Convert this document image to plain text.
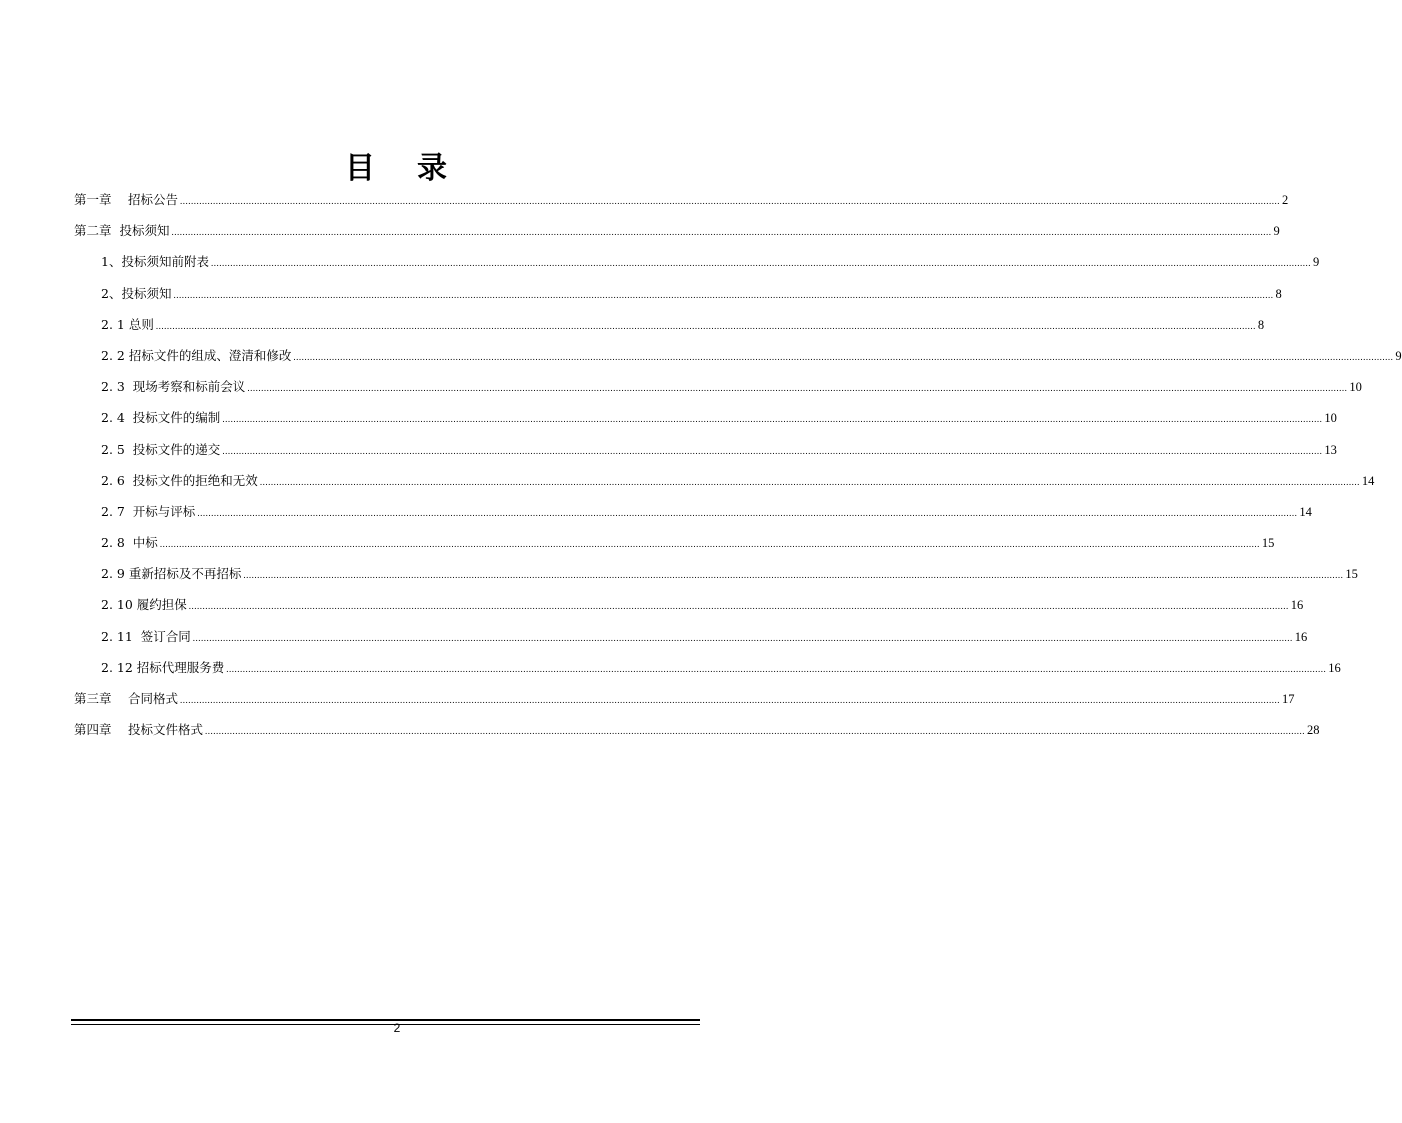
目 录
第一章　 招标公告 ................................................................................................................................................................................................................................................................................................................................................................................................................ 2
第二章  投标须知 ................................................................................................................................................................................................................................................................................................................................................................................................................ 9
1、投标须知前附表 ................................................................................................................................................................................................................................................................................................................................................................................................................ 9
2、投标须知 ................................................................................................................................................................................................................................................................................................................................................................................................................ 8
2. 1 总则 ................................................................................................................................................................................................................................................................................................................................................................................................................ 8
2. 2 招标文件的组成、澄清和修改 ................................................................................................................................................................................................................................................................................................................................................................................................................ 9
2. 3  现场考察和标前会议 ................................................................................................................................................................................................................................................................................................................................................................................................................ 10
2. 4  投标文件的编制 ................................................................................................................................................................................................................................................................................................................................................................................................................ 10
2. 5  投标文件的递交 ................................................................................................................................................................................................................................................................................................................................................................................................................ 13
2. 6  投标文件的拒绝和无效 ................................................................................................................................................................................................................................................................................................................................................................................................................ 14
2. 7  开标与评标 ................................................................................................................................................................................................................................................................................................................................................................................................................ 14
2. 8  中标 ................................................................................................................................................................................................................................................................................................................................................................................................................ 15
2. 9 重新招标及不再招标 ................................................................................................................................................................................................................................................................................................................................................................................................................ 15
2. 10 履约担保 ................................................................................................................................................................................................................................................................................................................................................................................................................ 16
2. 11  签订合同 ................................................................................................................................................................................................................................................................................................................................................................................................................ 16
2. 12 招标代理服务费 ................................................................................................................................................................................................................................................................................................................................................................................................................ 16
第三章　 合同格式 ................................................................................................................................................................................................................................................................................................................................................................................................................ 17
第四章　 投标文件格式 ................................................................................................................................................................................................................................................................................................................................................................................................................ 28
2
